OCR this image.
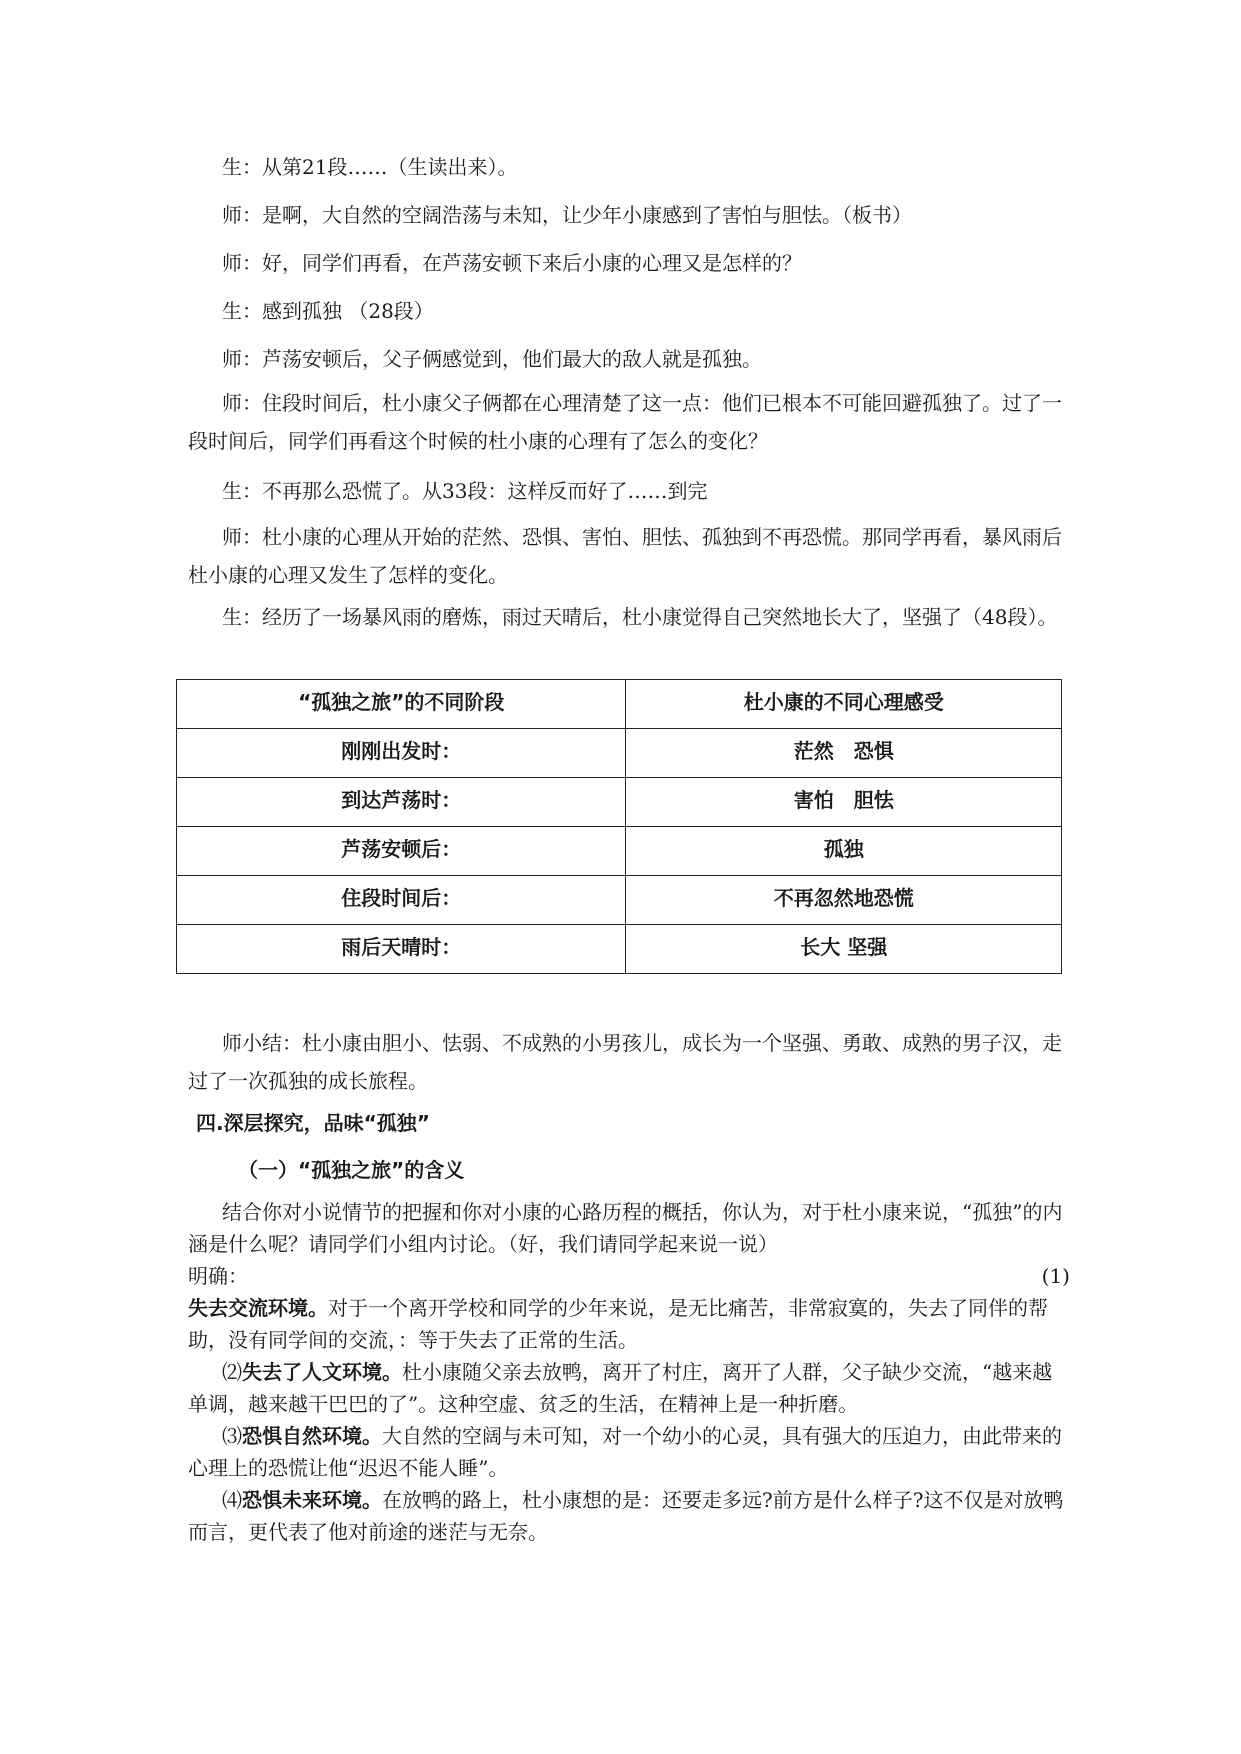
生：从第21段……（生读出来）。

师：是啊，大自然的空阔浩荡与未知，让少年小康感到了害怕与胆怯。（板书）

师：好，同学们再看，在芦荡安顿下来后小康的心理又是怎样的？

生：感到孤独 （28段）

师：芦荡安顿后，父子俩感觉到，他们最大的敌人就是孤独。

师：住段时间后，杜小康父子俩都在心理清楚了这一点：他们已根本不可能回避孤独了。过了一段时间后，同学们再看这个时候的杜小康的心理有了怎么的变化？

生：不再那么恐慌了。从33段：这样反而好了……到完

师：杜小康的心理从开始的茫然、恐惧、害怕、胆怯、孤独到不再恐慌。那同学再看，暴风雨后杜小康的心理又发生了怎样的变化。

生：经历了一场暴风雨的磨炼，雨过天晴后，杜小康觉得自己突然地长大了，坚强了（48段）。

“孤独之旅”的不同阶段	杜小康的不同心理感受

刚刚出发时：	茫然　恐惧

到达芦荡时：	害怕　胆怯

芦荡安顿后：	孤独

住段时间后：	不再忽然地恐慌

雨后天晴时：	长大 坚强

师小结：杜小康由胆小、怯弱、不成熟的小男孩儿，成长为一个坚强、勇敢、成熟的男子汉，走过了一次孤独的成长旅程。

四.深层探究，品味“孤独”

（一）“孤独之旅”的含义

结合你对小说情节的把握和你对小康的心路历程的概括，你认为，对于杜小康来说，“孤独”的内涵是什么呢？请同学们小组内讨论。（好，我们请同学起来说一说）

明确：	(1)

失去交流环境。对于一个离开学校和同学的少年来说，是无比痛苦，非常寂寞的，失去了同伴的帮助，没有同学间的交流，：等于失去了正常的生活。

⑵失去了人文环境。杜小康随父亲去放鸭，离开了村庄，离开了人群，父子缺少交流，“越来越单调，越来越干巴巴的了”。这种空虚、贫乏的生活，在精神上是一种折磨。

⑶恐惧自然环境。大自然的空阔与未可知，对一个幼小的心灵，具有强大的压迫力，由此带来的心理上的恐慌让他“迟迟不能人睡”。

⑷恐惧未来环境。在放鸭的路上，杜小康想的是：还要走多远?前方是什么样子?这不仅是对放鸭而言，更代表了他对前途的迷茫与无奈。
